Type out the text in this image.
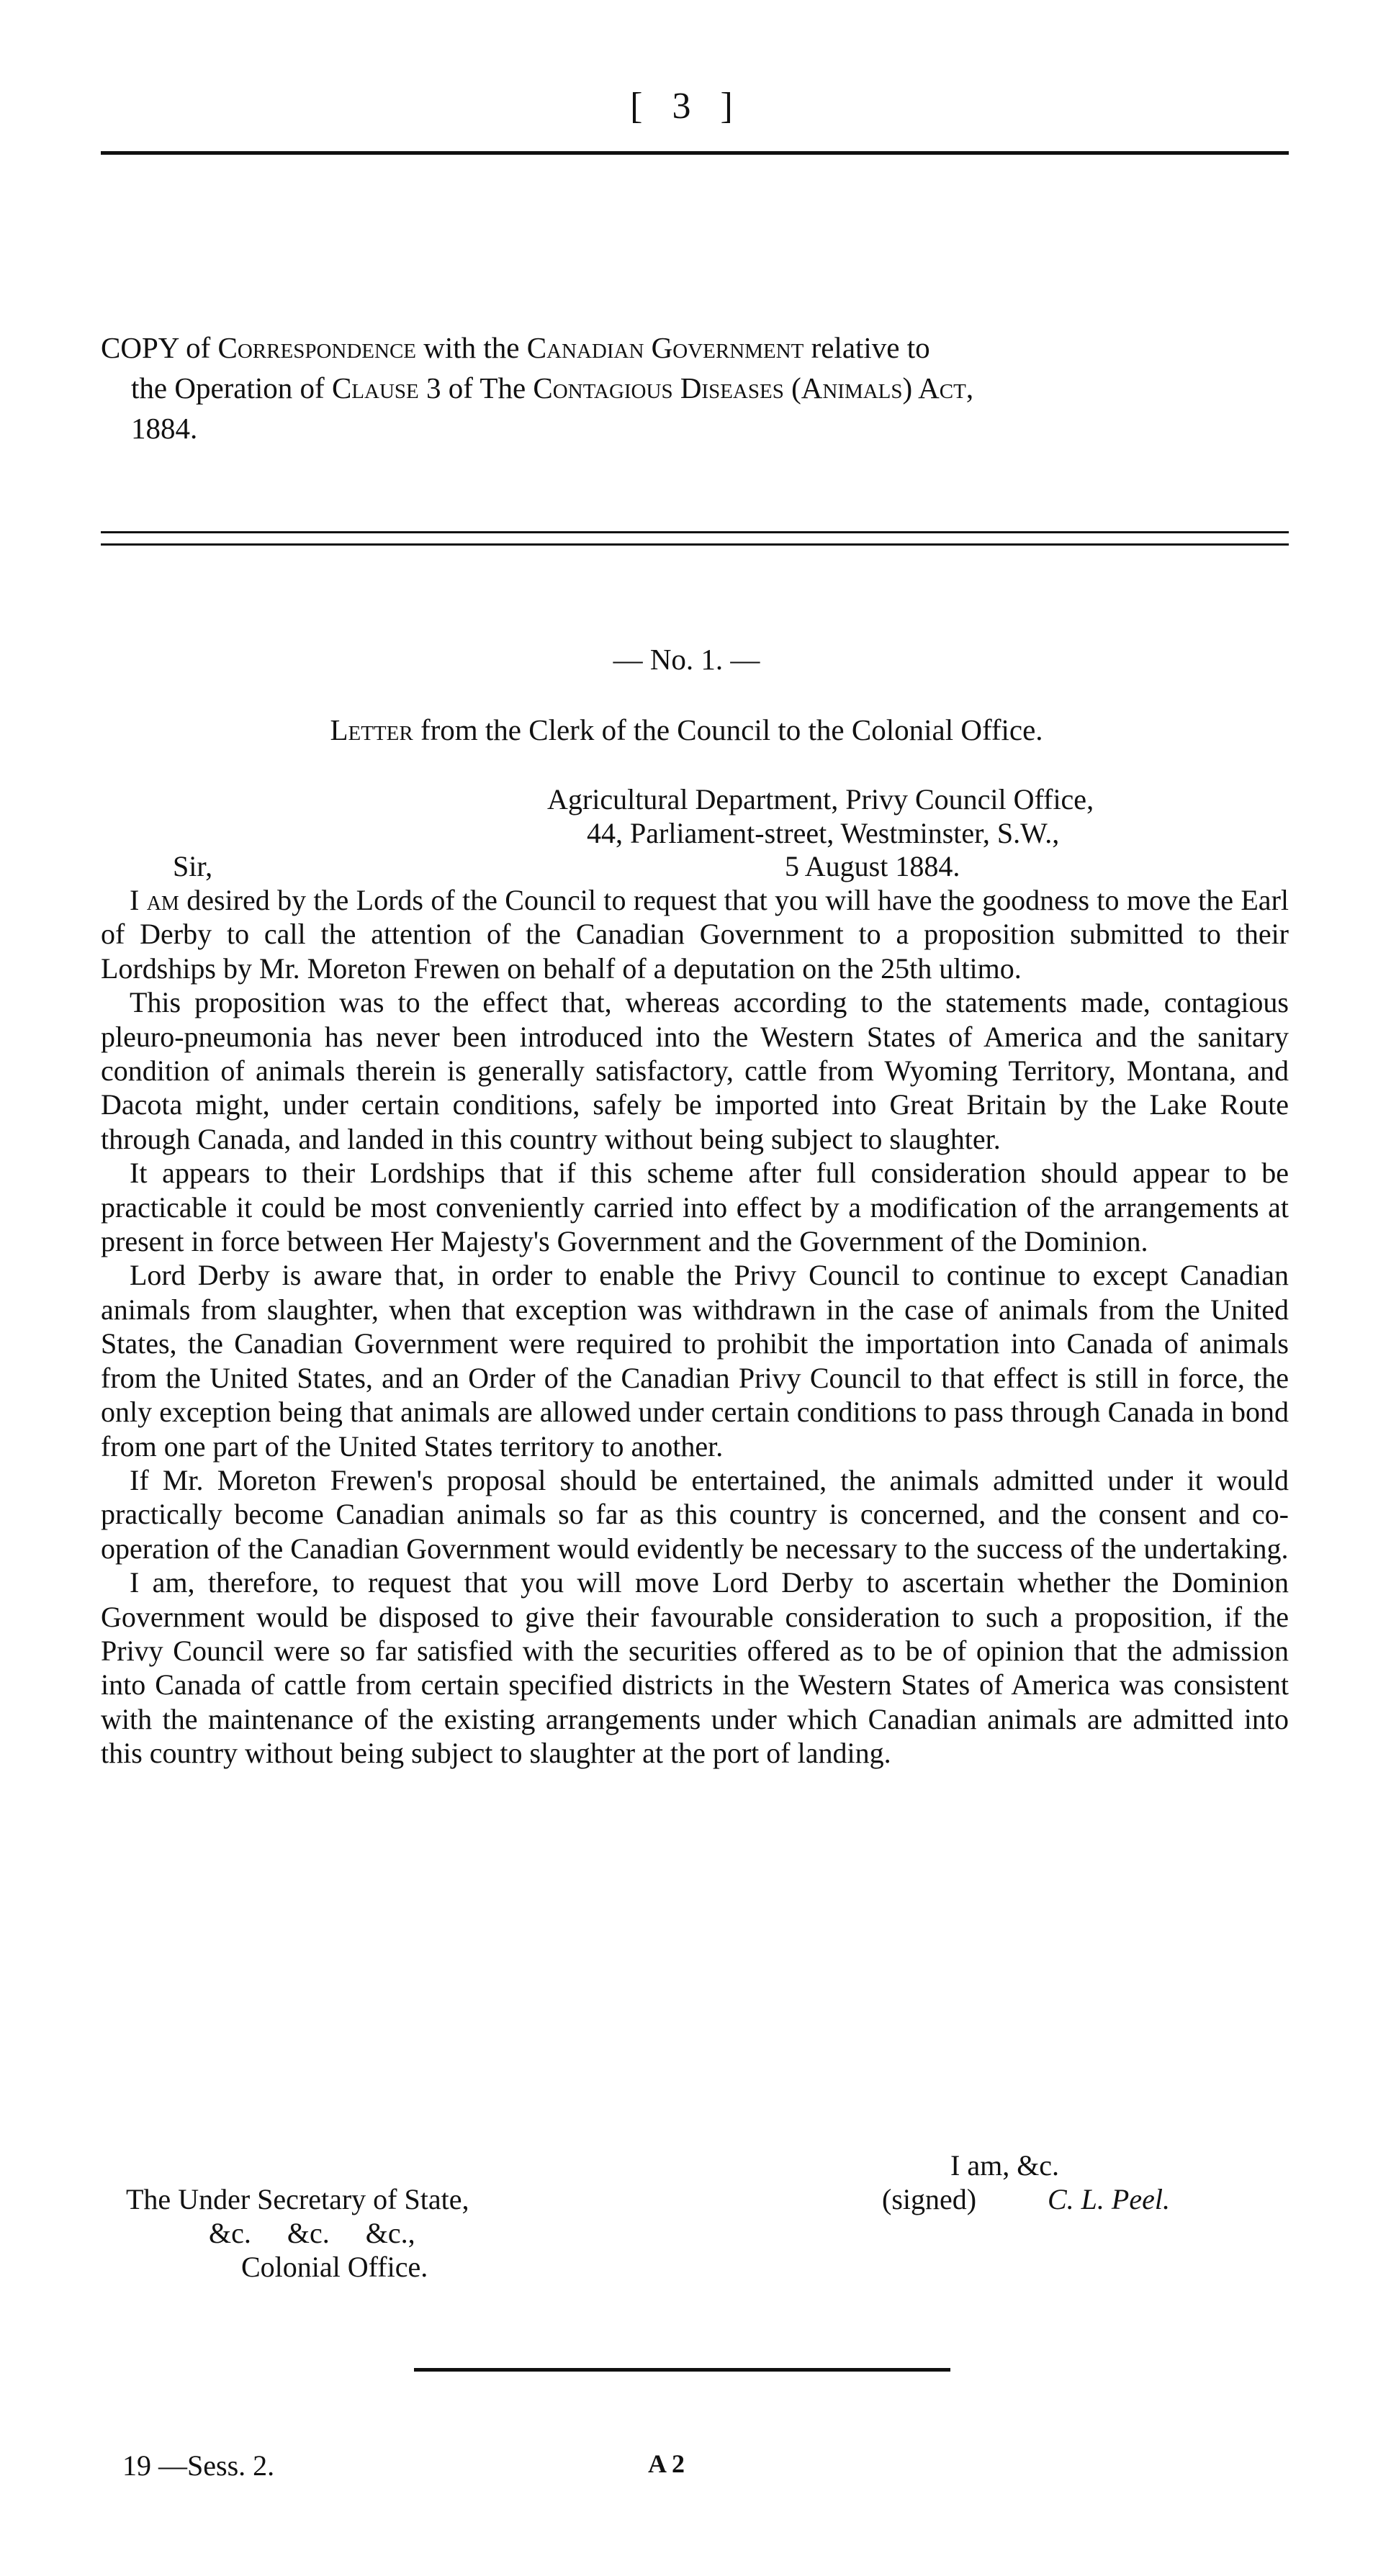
[ 3 ]
COPY of Correspondence with the Canadian Government relative to
the Operation of Clause 3 of The Contagious Diseases (Animals) Act,
1884.
— No. 1. —
Letter from the Clerk of the Council to the Colonial Office.
Agricultural Department, Privy Council Office,
44, Parliament-street, Westminster, S.W.,
Sir,	5 August 1884.

I am desired by the Lords of the Council to request that you will have the goodness to move the Earl of Derby to call the attention of the Canadian Government to a proposition submitted to their Lordships by Mr. Moreton Frewen on behalf of a deputation on the 25th ultimo.

This proposition was to the effect that, whereas according to the statements made, contagious pleuro-pneumonia has never been introduced into the Western States of America and the sanitary condition of animals therein is generally satisfactory, cattle from Wyoming Territory, Montana, and Dacota might, under certain conditions, safely be imported into Great Britain by the Lake Route through Canada, and landed in this country without being subject to slaughter.

It appears to their Lordships that if this scheme after full consideration should appear to be practicable it could be most conveniently carried into effect by a modification of the arrangements at present in force between Her Majesty's Government and the Government of the Dominion.

Lord Derby is aware that, in order to enable the Privy Council to continue to except Canadian animals from slaughter, when that exception was withdrawn in the case of animals from the United States, the Canadian Government were required to prohibit the importation into Canada of animals from the United States, and an Order of the Canadian Privy Council to that effect is still in force, the only exception being that animals are allowed under certain conditions to pass through Canada in bond from one part of the United States territory to another.

If Mr. Moreton Frewen's proposal should be entertained, the animals admitted under it would practically become Canadian animals so far as this country is concerned, and the consent and co-operation of the Canadian Government would evidently be necessary to the success of the undertaking.

I am, therefore, to request that you will move Lord Derby to ascertain whether the Dominion Government would be disposed to give their favourable consideration to such a proposition, if the Privy Council were so far satisfied with the securities offered as to be of opinion that the admission into Canada of cattle from certain specified districts in the Western States of America was consistent with the maintenance of the existing arrangements under which Canadian animals are admitted into this country without being subject to slaughter at the port of landing.

I am, &c.
(signed) C. L. Peel.
The Under Secretary of State,
&c. &c. &c.,
Colonial Office.
19 —Sess. 2.	A 2
